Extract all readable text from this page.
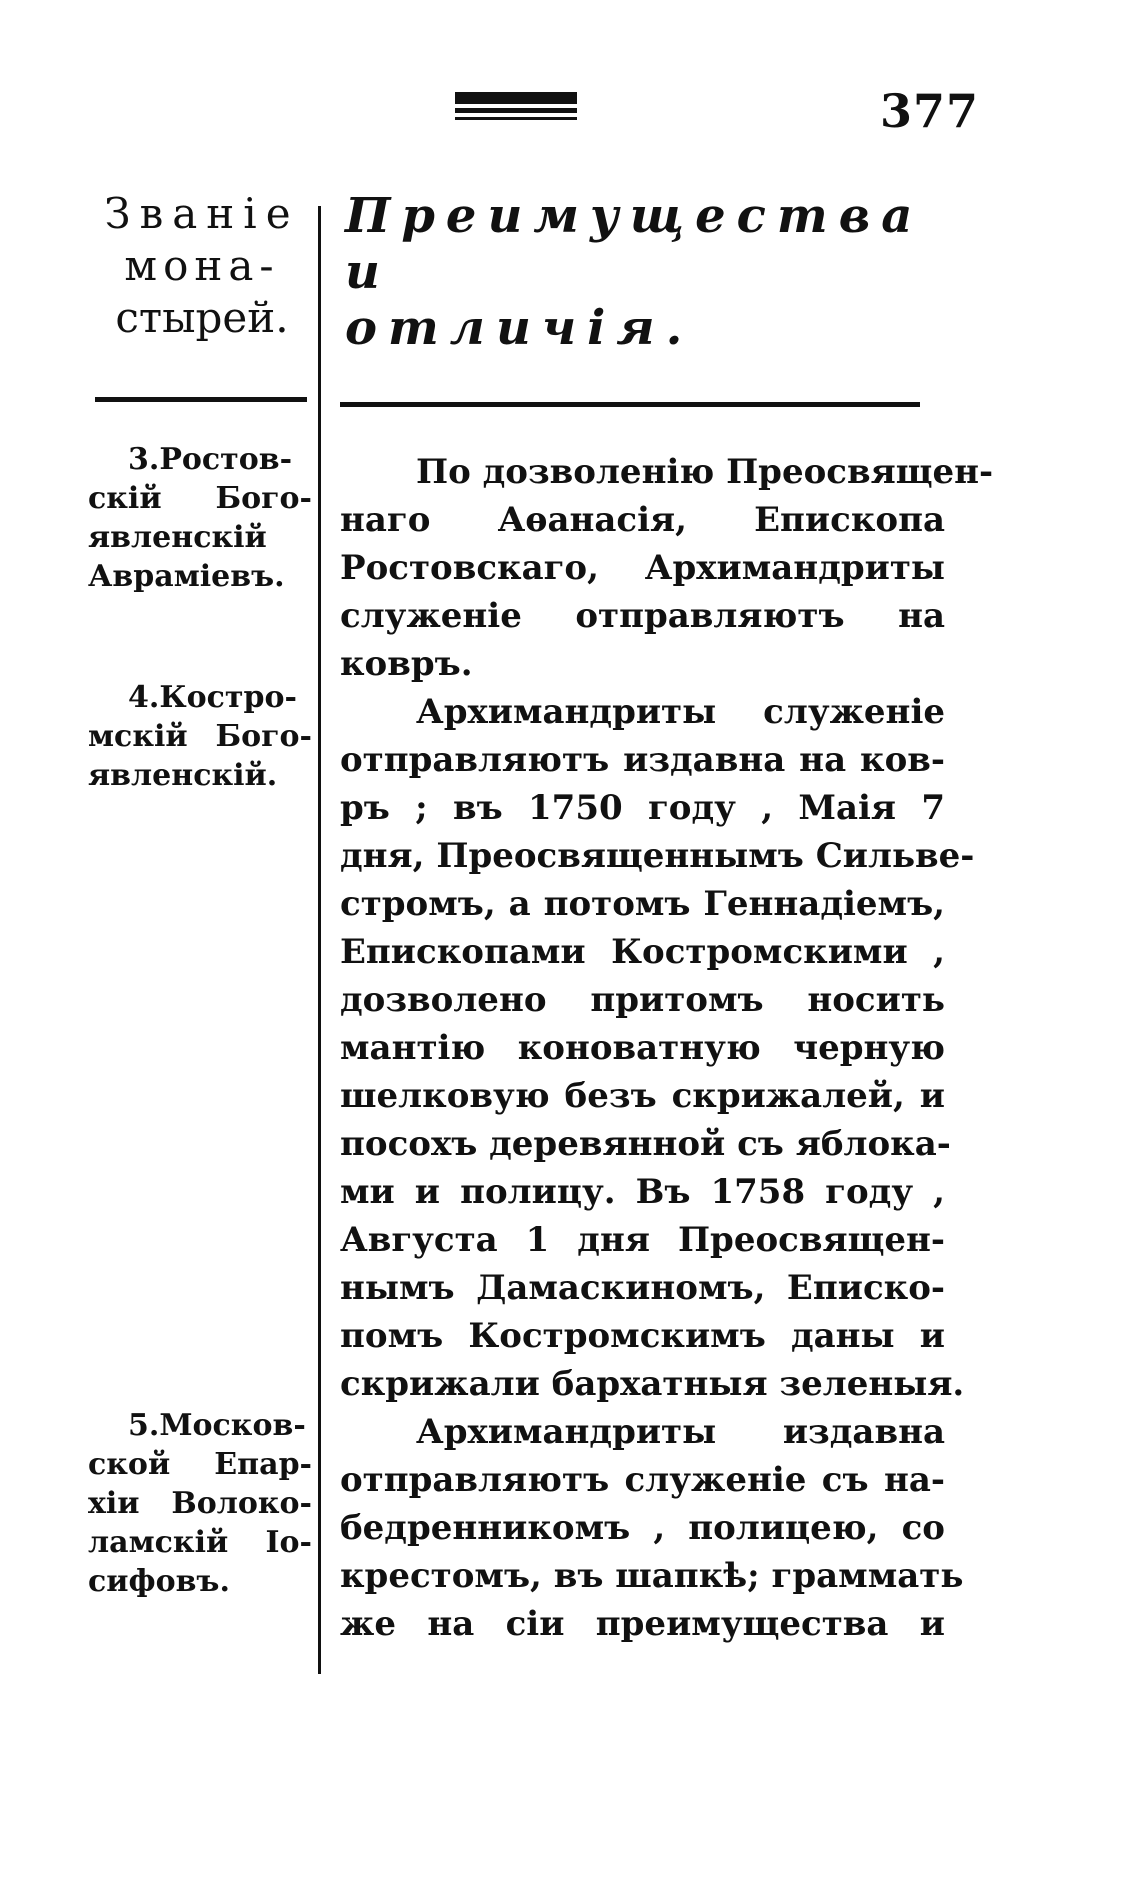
377
Званіе
мона-
стырей.
Преимущества и
отличія.
3.Ростов-
скій Бого-
явленскій
Авраміевъ.
4.Костро-
мскій Бого-
явленскій.
5.Москов-
ской Епар-
хіи Волоко-
ламскій Іо-
сифовъ.
По дозволенію Преосвящен-
наго Аѳанасія, Епископа
Ростовскаго, Архимандриты
служеніе отправляютъ на
ковръ.
Архимандриты служеніе
отправляютъ издавна на ков-
ръ ; въ 1750 году , Маія 7
дня, Преосвященнымъ Сильве-
стромъ, а потомъ Геннадіемъ,
Епископами Костромскими ,
дозволено притомъ носить
мантію коноватную черную
шелковую безъ скрижалей, и
посохъ деревянной съ яблока-
ми и полицу. Въ 1758 году ,
Августа 1 дня Преосвящен-
нымъ Дамаскиномъ, Еписко-
помъ Костромскимъ даны и
скрижали бархатныя зеленыя.
Архимандриты издавна
отправляютъ служеніе съ на-
бедренникомъ , полицею, со
крестомъ, въ шапкѣ; граммать
же на сіи преимущества и
